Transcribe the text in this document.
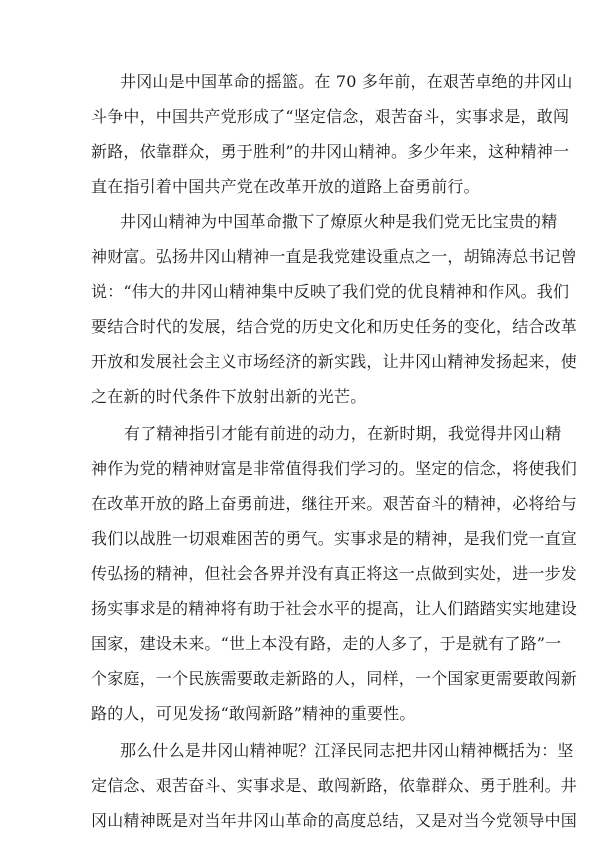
井冈山是中国革命的摇篮。在 70 多年前，在艰苦卓绝的井冈山
斗争中，中国共产党形成了“坚定信念，艰苦奋斗，实事求是，敢闯
新路，依靠群众，勇于胜利”的井冈山精神。多少年来，这种精神一
直在指引着中国共产党在改革开放的道路上奋勇前行。
井冈山精神为中国革命撒下了燎原火种是我们党无比宝贵的精
神财富。弘扬井冈山精神一直是我党建设重点之一，胡锦涛总书记曾
说：“伟大的井冈山精神集中反映了我们党的优良精神和作风。我们
要结合时代的发展，结合党的历史文化和历史任务的变化，结合改革
开放和发展社会主义市场经济的新实践，让井冈山精神发扬起来，使
之在新的时代条件下放射出新的光芒。
有了精神指引才能有前进的动力，在新时期，我觉得井冈山精
神作为党的精神财富是非常值得我们学习的。坚定的信念，将使我们
在改革开放的路上奋勇前进，继往开来。艰苦奋斗的精神，必将给与
我们以战胜一切艰难困苦的勇气。实事求是的精神，是我们党一直宣
传弘扬的精神，但社会各界并没有真正将这一点做到实处，进一步发
扬实事求是的精神将有助于社会水平的提高，让人们踏踏实实地建设
国家，建设未来。“世上本没有路，走的人多了，于是就有了路”一
个家庭，一个民族需要敢走新路的人，同样，一个国家更需要敢闯新
路的人，可见发扬“敢闯新路”精神的重要性。
那么什么是井冈山精神呢？江泽民同志把井冈山精神概括为：坚
定信念、艰苦奋斗、实事求是、敢闯新路，依靠群众、勇于胜利。井
冈山精神既是对当年井冈山革命的高度总结，又是对当今党领导中国
